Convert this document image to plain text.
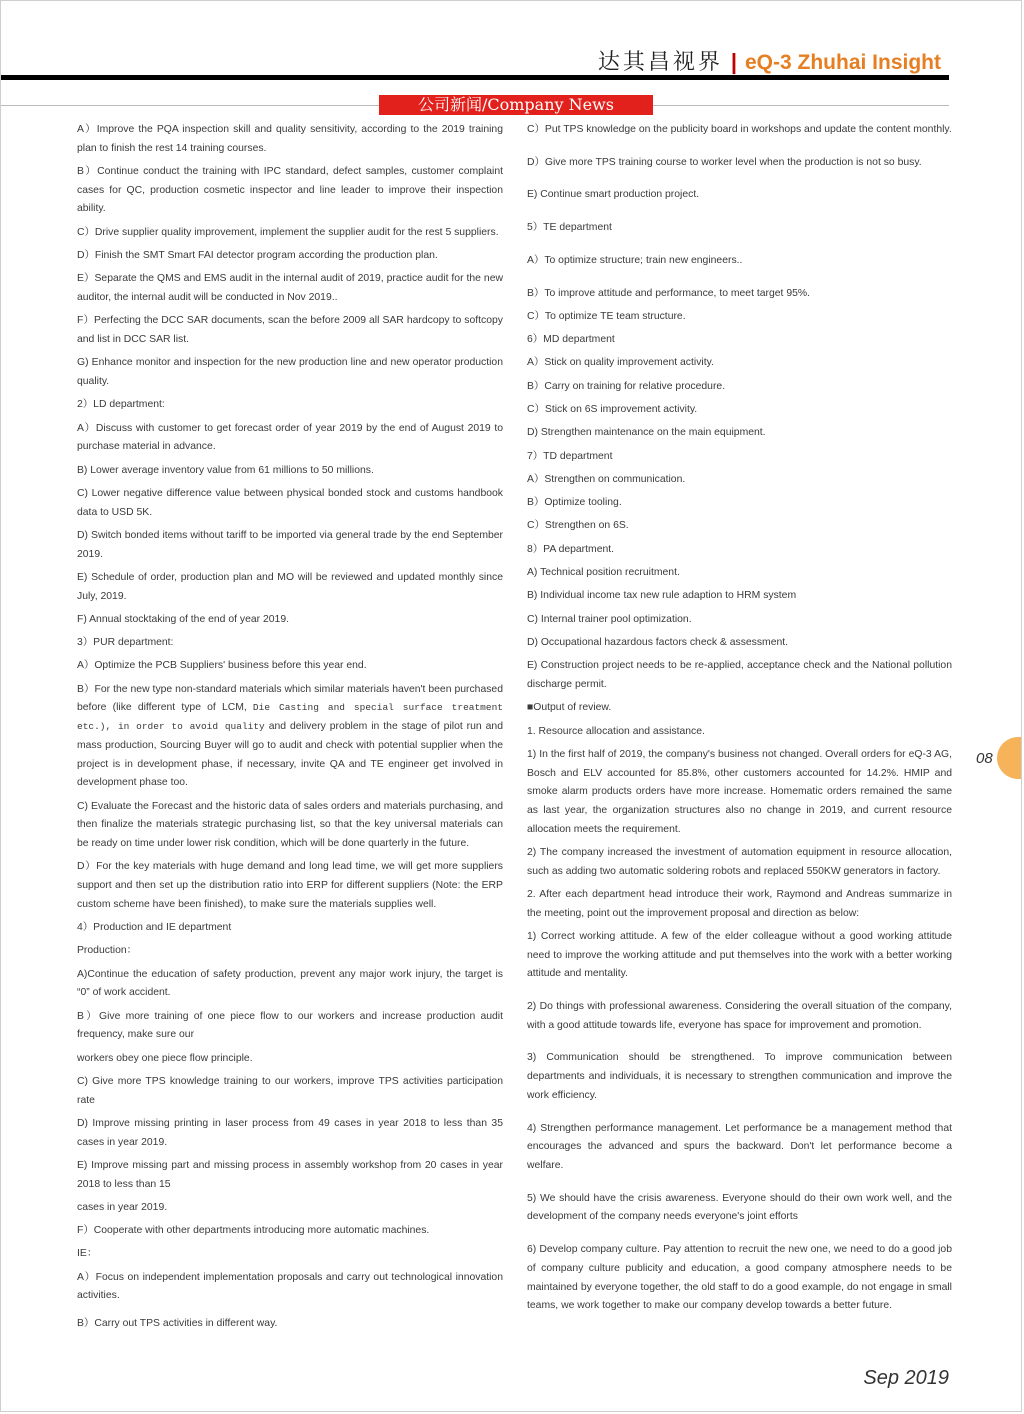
达其昌视界 | eQ-3 Zhuhai Insight
公司新闻/Company News

A）Improve the PQA inspection skill and quality sensitivity, according to the 2019 training plan to finish the rest 14 training courses.

B）Continue conduct the training with IPC standard, defect samples, customer complaint cases for QC, production cosmetic inspector and line leader to improve their inspection ability.

C）Drive supplier quality improvement, implement the supplier audit for the rest 5 suppliers.

D）Finish the SMT Smart FAI detector program according the production plan.

E）Separate the QMS and EMS audit in the internal audit of 2019, practice audit for the new auditor, the internal audit will be conducted in Nov 2019..

F）Perfecting the DCC SAR documents, scan the before 2009 all SAR hardcopy to softcopy and list in DCC SAR list.

G) Enhance monitor and inspection for the new production line and new operator production quality.

2）LD department:

A）Discuss with customer to get forecast order of year 2019 by the end of August 2019 to purchase material in advance.

B) Lower average inventory value from 61 millions to 50 millions.

C) Lower negative difference value between physical bonded stock and customs handbook data to USD 5K.

D) Switch bonded items without tariff to be imported via general trade by the end September 2019.

E) Schedule of order, production plan and MO will be reviewed and updated monthly since July, 2019.

F) Annual stocktaking of the end of year 2019.

3）PUR department:

A）Optimize the PCB Suppliers' business before this year end.

B）For the new type non-standard materials which similar materials haven't been purchased before (like different type of LCM, Die Casting and special surface treatment etc.), in order to avoid quality and delivery problem in the stage of pilot run and mass production, Sourcing Buyer will go to audit and check with potential supplier when the project is in development phase, if necessary, invite QA and TE engineer get involved in development phase too.

C) Evaluate the Forecast and the historic data of sales orders and materials purchasing, and then finalize the materials strategic purchasing list, so that the key universal materials can be ready on time under lower risk condition, which will be done quarterly in the future.

D）For the key materials with huge demand and long lead time, we will get more suppliers support and then set up the distribution ratio into ERP for different suppliers (Note: the ERP custom scheme have been finished), to make sure the materials supplies well.

4）Production and IE department

Production：

A)Continue the education of safety production, prevent any major work injury, the target is “0” of work accident.

B）Give more training of one piece flow to our workers and increase production audit frequency, make sure our

workers obey one piece flow principle.

C) Give more TPS knowledge training to our workers, improve TPS activities participation rate

D) Improve missing printing in laser process from 49 cases in year 2018 to less than 35 cases in year 2019.

E) Improve missing part and missing process in assembly workshop from 20 cases in year 2018 to less than 15

cases in year 2019.

F）Cooperate with other departments introducing more automatic machines.

IE：

A）Focus on independent implementation proposals and carry out technological innovation activities.

B）Carry out TPS activities in different way.

C）Put TPS knowledge on the publicity board in workshops and update the content monthly.

D）Give more TPS training course to worker level when the production is not so busy.

E) Continue smart production project.

5）TE department

A）To optimize structure; train new engineers..

B）To improve attitude and performance, to meet target 95%.

C）To optimize TE team structure.

6）MD department

A）Stick on quality improvement activity.

B）Carry on training for relative procedure.

C）Stick on 6S improvement activity.

D) Strengthen maintenance on the main equipment.

7）TD department

A）Strengthen on communication.

B）Optimize tooling.

C）Strengthen on 6S.

8）PA department.

A) Technical position recruitment.

B) Individual income tax new rule adaption to HRM system

C) Internal trainer pool optimization.

D) Occupational hazardous factors check & assessment.

E) Construction project needs to be re-applied, acceptance check and the National pollution discharge permit.

■Output of review.

1. Resource allocation and assistance.

1) In the first half of 2019, the company's business not changed. Overall orders for eQ-3 AG, Bosch and ELV accounted for 85.8%, other customers accounted for 14.2%. HMIP and smoke alarm products orders have more increase. Homematic orders remained the same as last year, the organization structures also no change in 2019, and current resource allocation meets the requirement.

2) The company increased the investment of automation equipment in resource allocation, such as adding two automatic soldering robots and replaced 550KW generators in factory.

2. After each department head introduce their work, Raymond and Andreas summarize in the meeting, point out the improvement proposal and direction as below:

1) Correct working attitude. A few of the elder colleague without a good working attitude need to improve the working attitude and put themselves into the work with a better working attitude and mentality.

2) Do things with professional awareness. Considering the overall situation of the company, with a good attitude towards life, everyone has space for improvement and promotion.

3) Communication should be strengthened. To improve communication between departments and individuals, it is necessary to strengthen communication and improve the work efficiency.

4) Strengthen performance management. Let performance be a management method that encourages the advanced and spurs the backward. Don't let performance become a welfare.

5) We should have the crisis awareness. Everyone should do their own work well, and the development of the company needs everyone's joint efforts

6) Develop company culture. Pay attention to recruit the new one, we need to do a good job of company culture publicity and education, a good company atmosphere needs to be maintained by everyone together, the old staff to do a good example, do not engage in small teams, we work together to make our company develop towards a better future.

08
Sep 2019
